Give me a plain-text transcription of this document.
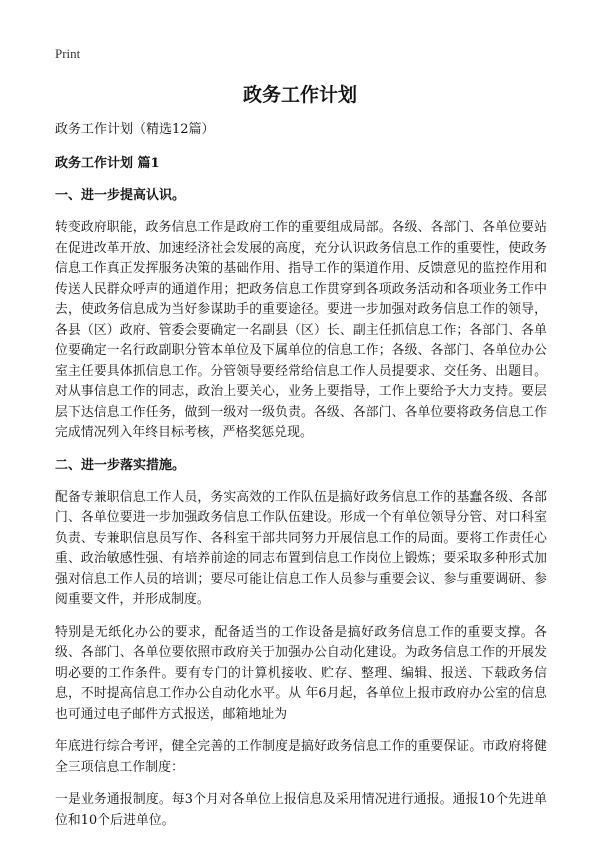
Print
政务工作计划
政务工作计划（精选12篇）
政务工作计划 篇1
一、进一步提高认识。

转变政府职能，政务信息工作是政府工作的重要组成局部。各级、各部门、各单位要站在促进改革开放、加速经济社会发展的高度，充分认识政务信息工作的重要性，使政务信息工作真正发挥服务决策的基础作用、指导工作的渠道作用、反馈意见的监控作用和传送人民群众呼声的通道作用；把政务信息工作贯穿到各项政务活动和各项业务工作中去，使政务信息成为当好参谋助手的重要途径。要进一步加强对政务信息工作的领导，各县（区）政府、管委会要确定一名副县（区）长、副主任抓信息工作；各部门、各单位要确定一名行政副职分管本单位及下属单位的信息工作；各级、各部门、各单位办公室主任要具体抓信息工作。分管领导要经常给信息工作人员提要求、交任务、出题目。对从事信息工作的同志，政治上要关心，业务上要指导，工作上要给予大力支持。要层层下达信息工作任务，做到一级对一级负责。各级、各部门、各单位要将政务信息工作完成情况列入年终目标考核，严格奖惩兑现。

二、进一步落实措施。

配备专兼职信息工作人员，务实高效的工作队伍是搞好政务信息工作的基蠢各级、各部门、各单位要进一步加强政务信息工作队伍建设。形成一个有单位领导分管、对口科室负责、专兼职信息员写作、各科室干部共同努力开展信息工作的局面。要将工作责任心重、政治敏感性强、有培养前途的同志布置到信息工作岗位上锻炼；要采取多种形式加强对信息工作人员的培训；要尽可能让信息工作人员参与重要会议、参与重要调研、参阅重要文件，并形成制度。

特别是无纸化办公的要求，配备适当的工作设备是搞好政务信息工作的重要支撑。各级、各部门、各单位要依照市政府关于加强办公自动化建设。为政务信息工作的开展发明必要的工作条件。要有专门的计算机接收、贮存、整理、编辑、报送、下载政务信息，不时提高信息工作办公自动化水平。从 年6月起，各单位上报市政府办公室的信息也可通过电子邮件方式报送，邮箱地址为

年底进行综合考评，健全完善的工作制度是搞好政务信息工作的重要保证。市政府将健全三项信息工作制度：

一是业务通报制度。每3个月对各单位上报信息及采用情况进行通报。通报10个先进单位和10个后进单位。
